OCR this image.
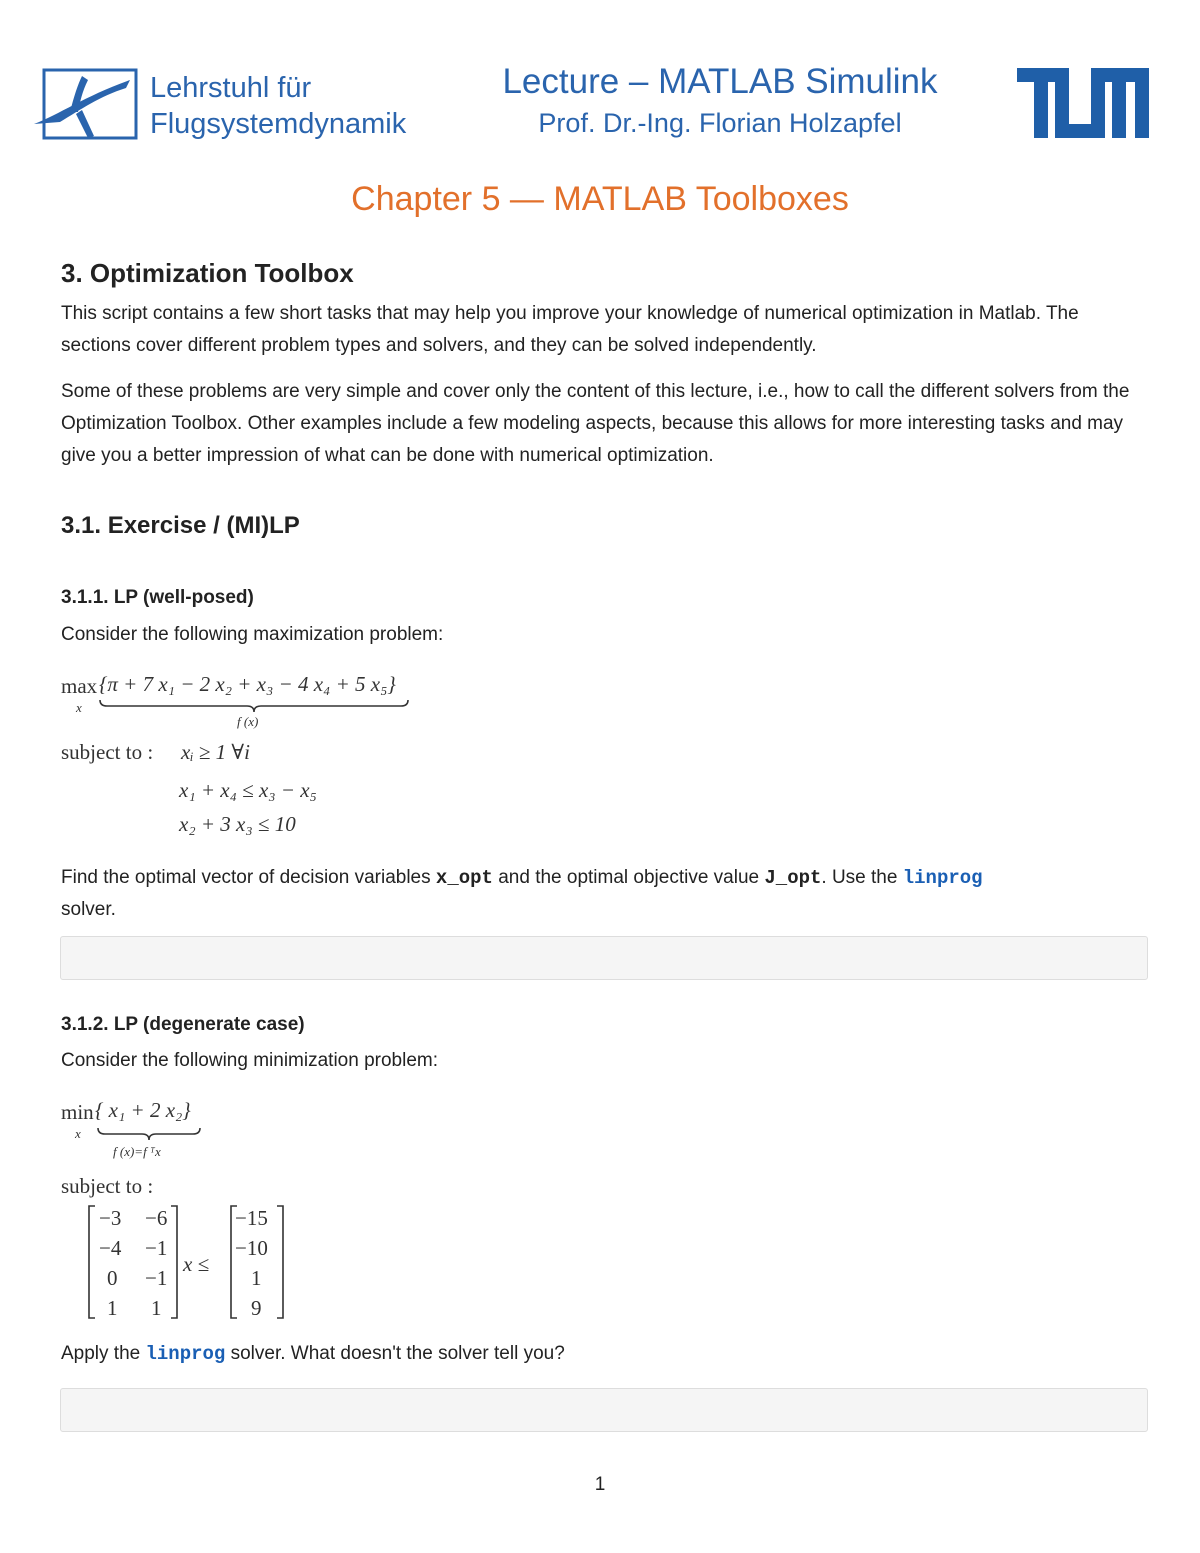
Lehrstuhl für
Flugsystemdynamik
Lecture – MATLAB Simulink
Prof. Dr.-Ing. Florian Holzapfel
Chapter 5 — MATLAB Toolboxes
3. Optimization Toolbox

This script contains a few short tasks that may help you improve your knowledge of numerical optimization in Matlab. The sections cover different problem types and solvers, and they can be solved independently.

Some of these problems are very simple and cover only the content of this lecture, i.e., how to call the different solvers from the Optimization Toolbox. Other examples include a few modeling aspects, because this allows for more interesting tasks and may give you a better impression of what can be done with numerical optimization.

3.1. Exercise / (MI)LP
3.1.1. LP (well-posed)
Consider the following maximization problem:
max
x
{π + 7 x₁ − 2 x₂ + x₃ − 4 x₄ + 5 x₅}
f (x)
subject to : xᵢ ≥ 1 ∀i
x₁ + x₄ ≤ x₃ − x₅
x₂ + 3 x₃ ≤ 10
Find the optimal vector of decision variables x_opt and the optimal objective value J_opt. Use the linprog
solver.
3.1.2. LP (degenerate case)
Consider the following minimization problem:
min
x
{ x₁ + 2 x₂}
f (x)=f ᵀx
subject to :
−3 −6
−4 −1
0 −1
1 1
x ≤
−15
−10
1
9
Apply the linprog solver. What doesn't the solver tell you?
1
